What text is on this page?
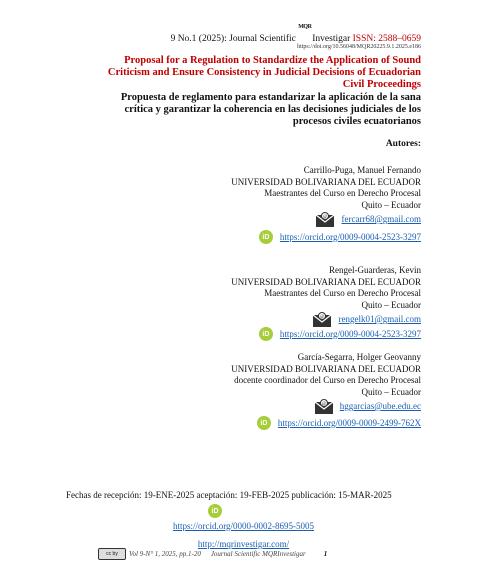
9 No.1 (2025): Journal Scientific
MQR
Investigar ISSN: 2588–0659
https://doi.org/10.56048/MQR20225.9.1.2025.e186
Proposal for a Regulation to Standardize the Application of Sound Criticism and Ensure Consistency in Judicial Decisions of Ecuadorian Civil Proceedings
Propuesta de reglamento para estandarizar la aplicación de la sana crítica y garantizar la coherencia en las decisiones judiciales de los procesos civiles ecuatorianos
Autores:
Carrillo-Puga, Manuel Fernando
UNIVERSIDAD BOLIVARIANA DEL ECUADOR
Maestrantes del Curso en Derecho Procesal
Quito – Ecuador
@ fercarr68@gmail.com
iD	https://orcid.org/0009-0004-2523-3297
Rengel-Guarderas, Kevin
UNIVERSIDAD BOLIVARIANA DEL ECUADOR
Maestrantes del Curso en Derecho Procesal
Quito – Ecuador
@ rengelk01@gmail.com
iD	https://orcid.org/0009-0004-2523-3297
García-Segarra, Holger Geovanny
UNIVERSIDAD BOLIVARIANA DEL ECUADOR
docente coordinador del Curso en Derecho Procesal
Quito – Ecuador
@ hggarcias@ube.edu.ec
iD	https://orcid.org/0009-0009-2499-762X
Fechas de recepción: 19-ENE-2025 aceptación: 19-FEB-2025 publicación: 15-MAR-2025
iD
https://orcid.org/0000-0002-8695-5005
http://mqrinvestigar.com/
cc by	Vol 9-N° 1, 2025, pp.1-20 Journal Scientific MQRInvestigar	1
